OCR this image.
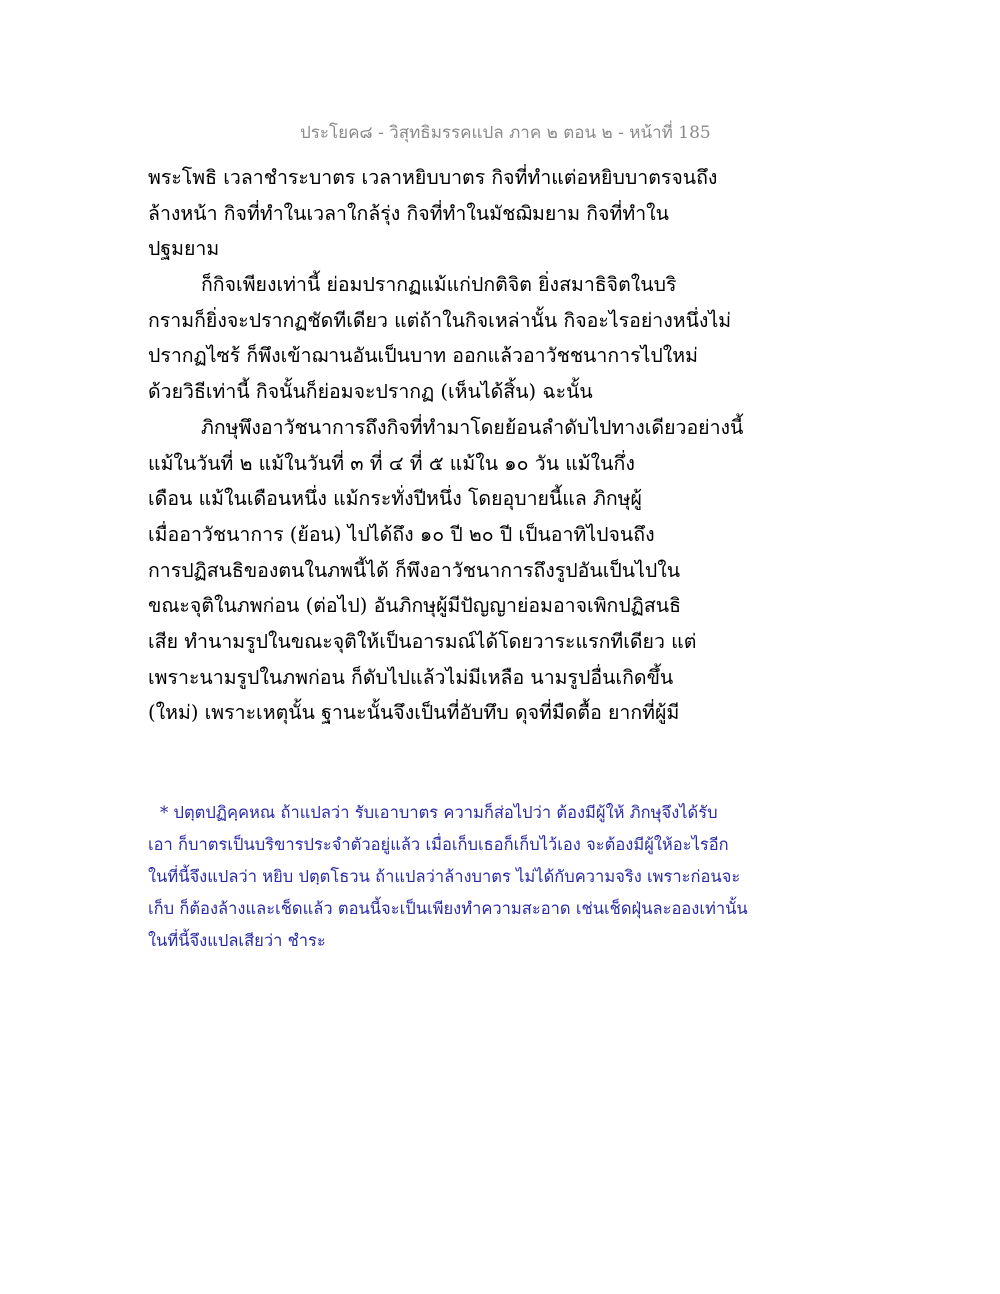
ประโยค๘ - วิสุทธิมรรคแปล ภาค ๒ ตอน ๒ - หน้าที่ 185
พระโพธิ เวลาชำระบาตร เวลาหยิบบาตร กิจที่ทำแต่อหยิบบาตรจนถึง
ล้างหน้า กิจที่ทำในเวลาใกล้รุ่ง กิจที่ทำในมัชฌิมยาม กิจที่ทำใน
ปฐมยาม
ก็กิจเพียงเท่านี้ ย่อมปรากฏแม้แก่ปกติจิต ยิ่งสมาธิจิตในบริ
กรามก็ยิ่งจะปรากฏชัดทีเดียว แต่ถ้าในกิจเหล่านั้น กิจอะไรอย่างหนึ่งไม่
ปรากฏไซร้ ก็พึงเข้าฌานอันเป็นบาท ออกแล้วอาวัชชนาการไปใหม่
ด้วยวิธีเท่านี้ กิจนั้นก็ย่อมจะปรากฏ (เห็นได้สิ้น) ฉะนั้น
ภิกษุพึงอาวัชนาการถึงกิจที่ทำมาโดยย้อนลำดับไปทางเดียวอย่างนี้
แม้ในวันที่ ๒ แม้ในวันที่ ๓ ที่ ๔ ที่ ๕ แม้ใน ๑๐ วัน แม้ในกึ่ง
เดือน แม้ในเดือนหนึ่ง แม้กระทั่งปีหนึ่ง โดยอุบายนี้แล ภิกษุผู้
เมื่ออาวัชนาการ (ย้อน) ไปได้ถึง ๑๐ ปี ๒๐ ปี เป็นอาทิไปจนถึง
การปฏิสนธิของตนในภพนี้ได้ ก็พึงอาวัชนาการถึงรูปอันเป็นไปใน
ขณะจุติในภพก่อน (ต่อไป) อันภิกษุผู้มีปัญญาย่อมอาจเพิกปฏิสนธิ
เสีย ทำนามรูปในขณะจุติให้เป็นอารมณ์ได้โดยวาระแรกทีเดียว แต่
เพราะนามรูปในภพก่อน ก็ดับไปแล้วไม่มีเหลือ นามรูปอื่นเกิดขึ้น
(ใหม่) เพราะเหตุนั้น ฐานะนั้นจึงเป็นที่อับทึบ ดุจที่มืดตื้อ ยากที่ผู้มี
* ปตฺตปฏิคฺคหณ ถ้าแปลว่า รับเอาบาตร ความก็ส่อไปว่า ต้องมีผู้ให้ ภิกษุจึงได้รับ
เอา ก็บาตรเป็นบริขารประจำตัวอยู่แล้ว เมื่อเก็บเธอก็เก็บไว้เอง จะต้องมีผู้ให้อะไรอีก
ในที่นี้จึงแปลว่า หยิบ ปตฺตโธวน ถ้าแปลว่าล้างบาตร ไม่ได้กับความจริง เพราะก่อนจะ
เก็บ ก็ต้องล้างและเช็ดแล้ว ตอนนี้จะเป็นเพียงทำความสะอาด เช่นเช็ดฝุ่นละอองเท่านั้น
ในที่นี้จึงแปลเสียว่า ชำระ
